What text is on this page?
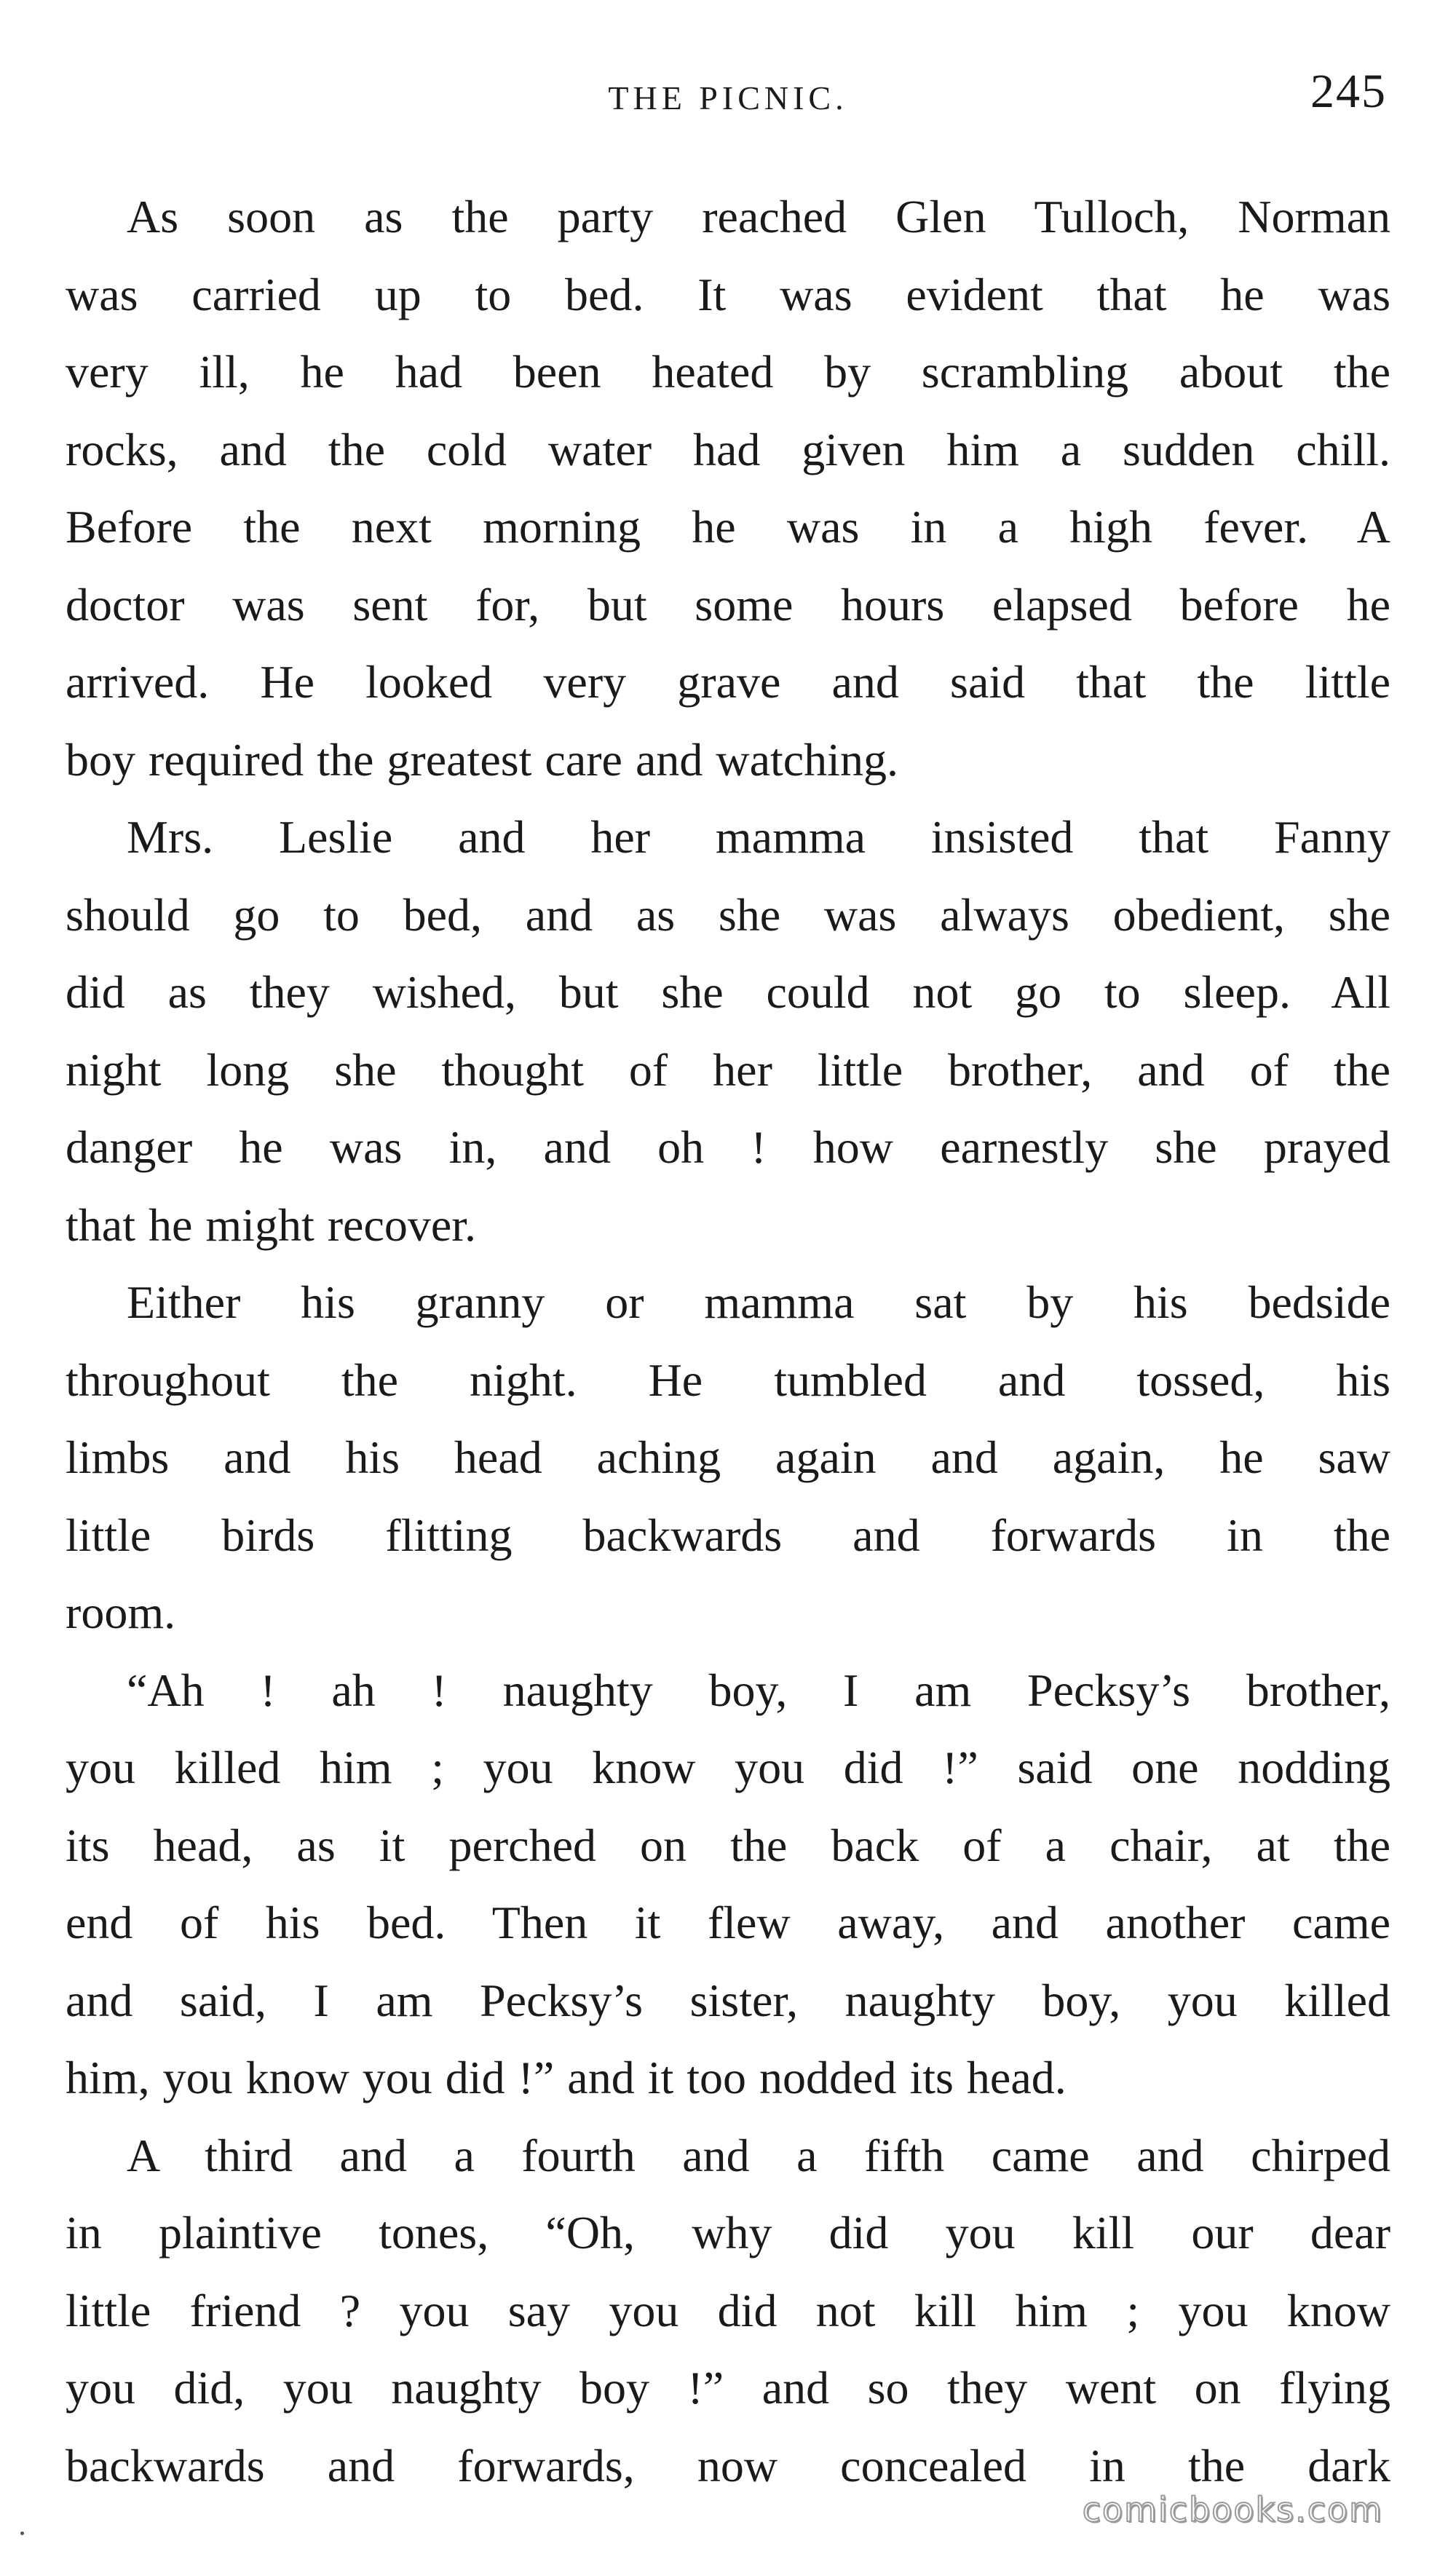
THE PICNIC.	245
As soon as the party reached Glen Tulloch, Norman
was carried up to bed. It was evident that he was
very ill, he had been heated by scrambling about the
rocks, and the cold water had given him a sudden chill.
Before the next morning he was in a high fever. A
doctor was sent for, but some hours elapsed before he
arrived. He looked very grave and said that the little
boy required the greatest care and watching.
Mrs. Leslie and her mamma insisted that Fanny
should go to bed, and as she was always obedient, she
did as they wished, but she could not go to sleep. All
night long she thought of her little brother, and of the
danger he was in, and oh ! how earnestly she prayed
that he might recover.
Either his granny or mamma sat by his bedside
throughout the night. He tumbled and tossed, his
limbs and his head aching again and again, he saw
little birds flitting backwards and forwards in the
room.
“Ah ! ah ! naughty boy, I am Pecksy’s brother,
you killed him ; you know you did !” said one nodding
its head, as it perched on the back of a chair, at the
end of his bed. Then it flew away, and another came
and said, I am Pecksy’s sister, naughty boy, you killed
him, you know you did !” and it too nodded its head.
A third and a fourth and a fifth came and chirped
in plaintive tones, “Oh, why did you kill our dear
little friend ? you say you did not kill him ; you know
you did, you naughty boy !” and so they went on flying
backwards and forwards, now concealed in the dark
comicbooks.com
